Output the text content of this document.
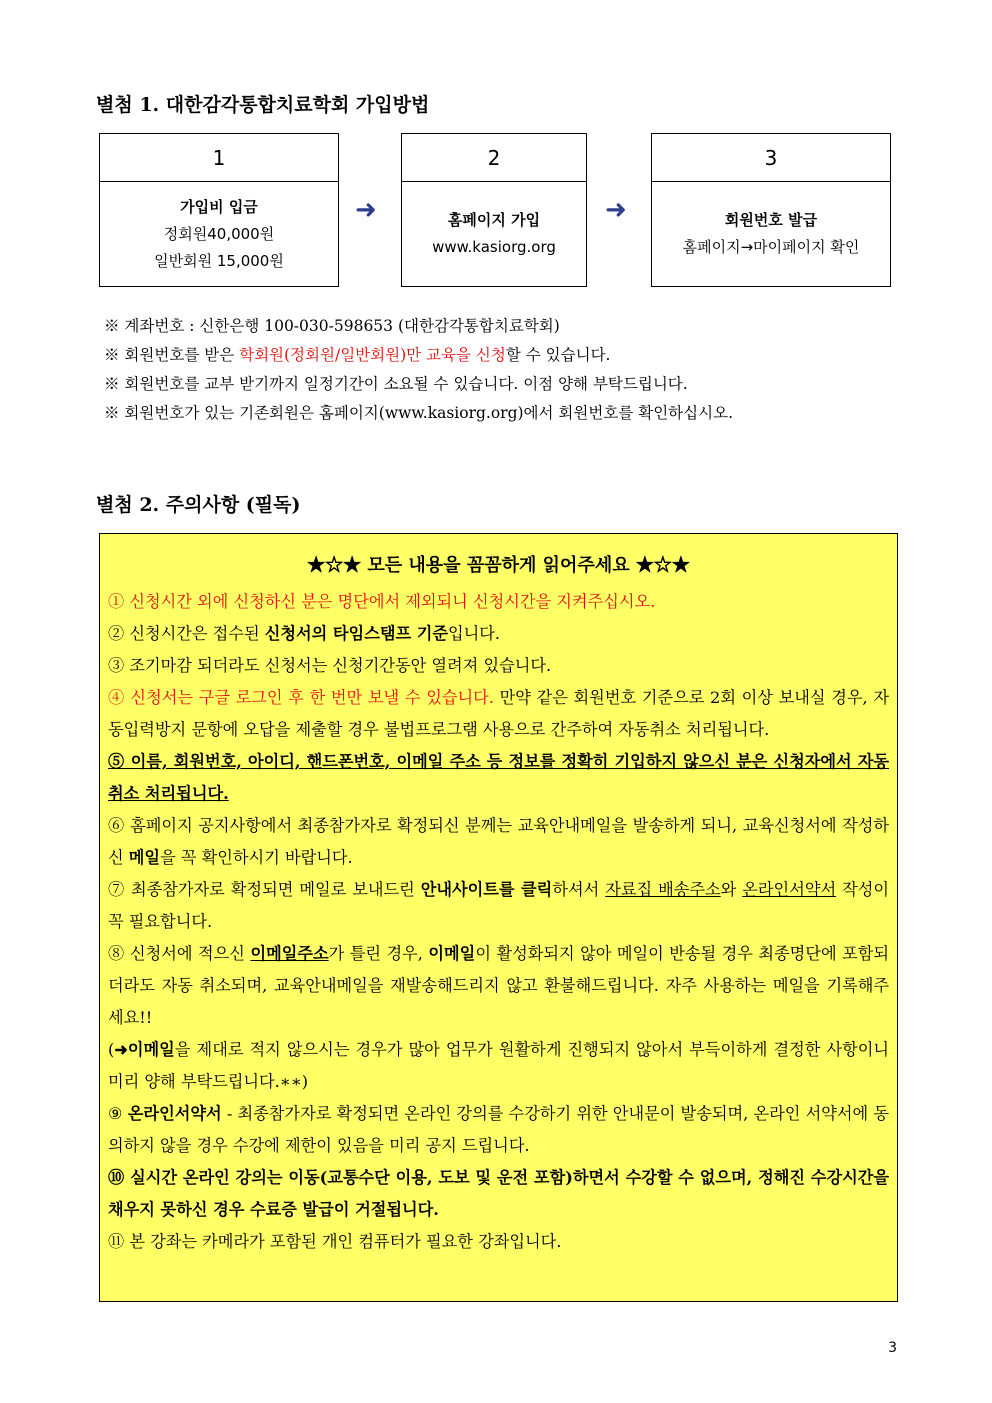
별첨 1. 대한감각통합치료학회 가입방법
1
가입비 입금
정회원40,000원
일반회원 15,000원
➜
2
홈페이지 가입
www.kasiorg.org
➜
3
회원번호 발급
홈페이지→마이페이지 확인
※ 계좌번호 : 신한은행 100-030-598653 (대한감각통합치료학회)
※ 회원번호를 받은 학회원(정회원/일반회원)만 교육을 신청할 수 있습니다.
※ 회원번호를 교부 받기까지 일정기간이 소요될 수 있습니다. 이점 양해 부탁드립니다.
※ 회원번호가 있는 기존회원은 홈페이지(www.kasiorg.org)에서 회원번호를 확인하십시오.
별첨 2. 주의사항 (필독)
★☆★ 모든 내용을 꼼꼼하게 읽어주세요 ★☆★
① 신청시간 외에 신청하신 분은 명단에서 제외되니 신청시간을 지켜주십시오.
② 신청시간은 접수된 신청서의 타임스탬프 기준입니다.
③ 조기마감 되더라도 신청서는 신청기간동안 열려져 있습니다.
④ 신청서는 구글 로그인 후 한 번만 보낼 수 있습니다. 만약 같은 회원번호 기준으로 2회 이상 보내실 경우, 자동입력방지 문항에 오답을 제출할 경우 불법프로그램 사용으로 간주하여 자동취소 처리됩니다.
⑤ 이름, 회원번호, 아이디, 핸드폰번호, 이메일 주소 등 정보를 정확히 기입하지 않으신 분은 신청자에서 자동취소 처리됩니다.
⑥ 홈페이지 공지사항에서 최종참가자로 확정되신 분께는 교육안내메일을 발송하게 되니, 교육신청서에 작성하신 메일을 꼭 확인하시기 바랍니다.
⑦ 최종참가자로 확정되면 메일로 보내드린 안내사이트를 클릭하셔서 자료집 배송주소와 온라인서약서 작성이 꼭 필요합니다.
⑧ 신청서에 적으신 이메일주소가 틀린 경우, 이메일이 활성화되지 않아 메일이 반송될 경우 최종명단에 포함되더라도 자동 취소되며, 교육안내메일을 재발송해드리지 않고 환불해드립니다. 자주 사용하는 메일을 기록해주세요!!
(➜이메일을 제대로 적지 않으시는 경우가 많아 업무가 원활하게 진행되지 않아서 부득이하게 결정한 사항이니 미리 양해 부탁드립니다.∗∗)
⑨ 온라인서약서 - 최종참가자로 확정되면 온라인 강의를 수강하기 위한 안내문이 발송되며, 온라인 서약서에 동의하지 않을 경우 수강에 제한이 있음을 미리 공지 드립니다.
⑩ 실시간 온라인 강의는 이동(교통수단 이용, 도보 및 운전 포함)하면서 수강할 수 없으며, 정해진 수강시간을 채우지 못하신 경우 수료증 발급이 거절됩니다.
⑪ 본 강좌는 카메라가 포함된 개인 컴퓨터가 필요한 강좌입니다.
3
